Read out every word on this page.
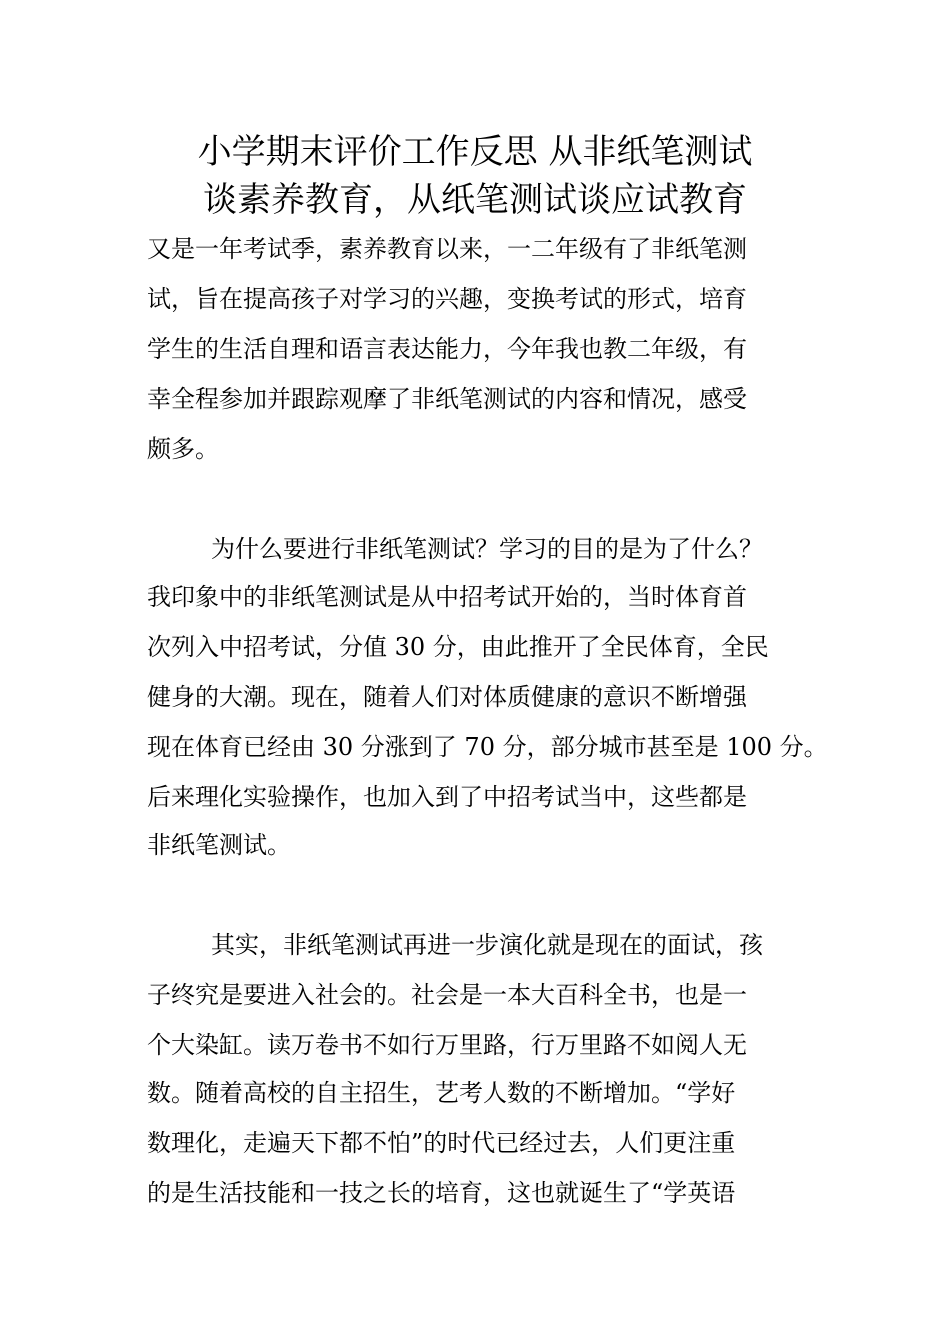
小学期末评价工作反思 从非纸笔测试
谈素养教育，从纸笔测试谈应试教育
又是一年考试季，素养教育以来，一二年级有了非纸笔测
试，旨在提高孩子对学习的兴趣，变换考试的形式，培育
学生的生活自理和语言表达能力，今年我也教二年级，有
幸全程参加并跟踪观摩了非纸笔测试的内容和情况，感受
颇多。
为什么要进行非纸笔测试？学习的目的是为了什么？
我印象中的非纸笔测试是从中招考试开始的，当时体育首
次列入中招考试，分值 30 分，由此推开了全民体育，全民
健身的大潮。现在，随着人们对体质健康的意识不断增强
现在体育已经由 30 分涨到了 70 分，部分城市甚至是 100 分。
后来理化实验操作，也加入到了中招考试当中，这些都是
非纸笔测试。
其实，非纸笔测试再进一步演化就是现在的面试，孩
子终究是要进入社会的。社会是一本大百科全书，也是一
个大染缸。读万卷书不如行万里路，行万里路不如阅人无
数。随着高校的自主招生，艺考人数的不断增加。“学好
数理化，走遍天下都不怕”的时代已经过去，人们更注重
的是生活技能和一技之长的培育，这也就诞生了“学英语
